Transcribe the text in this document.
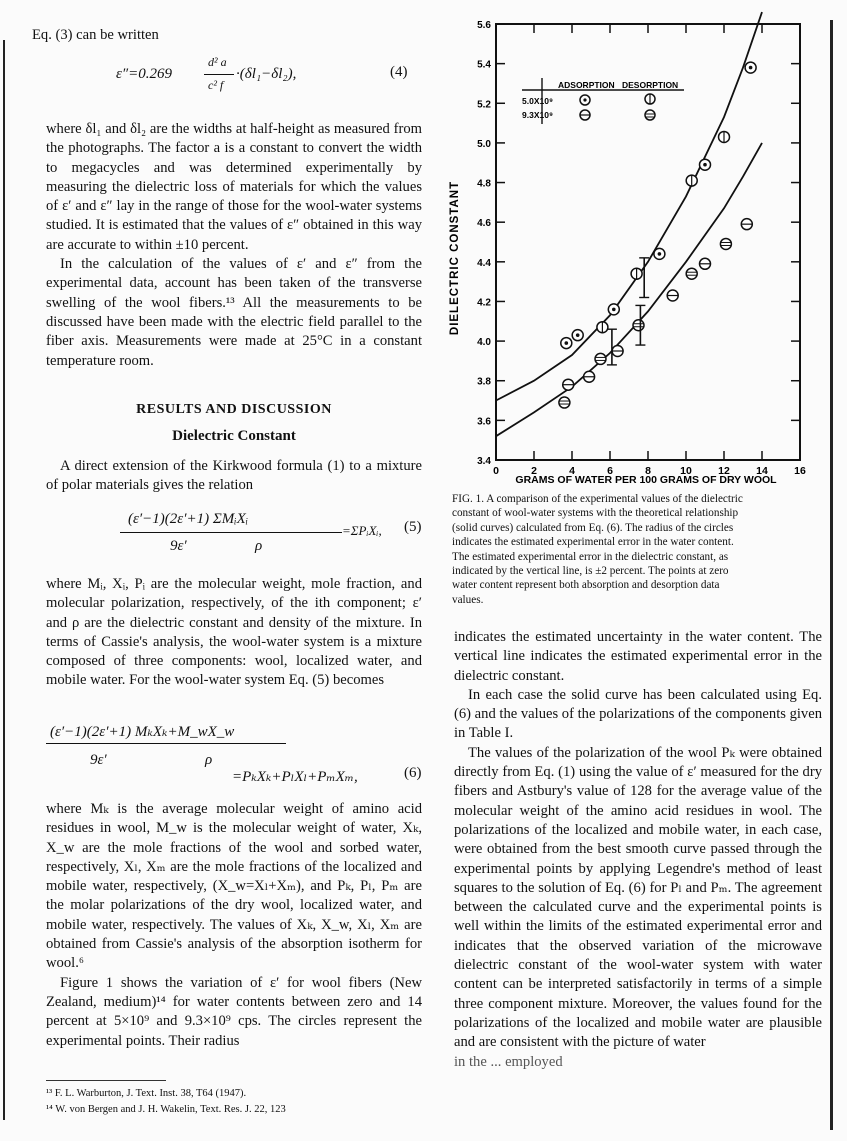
Eq. (3) can be written

ε″=0.269
d² a
c² f
·(δl₁−δl₂),	(4)

where δl₁ and δl₂ are the widths at half-height as measured from the photographs. The factor a is a constant to convert the width to megacycles and was determined experimentally by measuring the dielectric loss of materials for which the values of ε′ and ε″ lay in the range of those for the wool-water systems studied. It is estimated that the values of ε″ obtained in this way are accurate to within ±10 percent.

In the calculation of the values of ε′ and ε″ from the experimental data, account has been taken of the transverse swelling of the wool fibers.¹³ All the measurements to be discussed have been made with the electric field parallel to the fiber axis. Measurements were made at 25°C in a constant temperature room.

RESULTS AND DISCUSSION
Dielectric Constant

A direct extension of the Kirkwood formula (1) to a mixture of polar materials gives the relation

(ε′−1)(2ε′+1) ΣMᵢXᵢ
9ε′	ρ
=ΣPᵢXᵢ, (5)

where Mᵢ, Xᵢ, Pᵢ are the molecular weight, mole fraction, and molecular polarization, respectively, of the ith component; ε′ and ρ are the dielectric constant and density of the mixture. In terms of Cassie's analysis, the wool-water system is a mixture composed of three components: wool, localized water, and mobile water. For the wool-water system Eq. (5) becomes

(ε′−1)(2ε′+1) MₖXₖ+M_wX_w
9ε′	ρ
=PₖXₖ+PₗXₗ+PₘXₘ,	(6)

where Mₖ is the average molecular weight of amino acid residues in wool, M_w is the molecular weight of water, Xₖ, X_w are the mole fractions of the wool and sorbed water, respectively, Xₗ, Xₘ are the mole fractions of the localized and mobile water, respectively, (X_w=Xₗ+Xₘ), and Pₖ, Pₗ, Pₘ are the molar polarizations of the dry wool, localized water, and mobile water, respectively. The values of Xₖ, X_w, Xₗ, Xₘ are obtained from Cassie's analysis of the absorption isotherm for wool.⁶

Figure 1 shows the variation of ε′ for wool fibers (New Zealand, medium)¹⁴ for water contents between zero and 14 percent at 5×10⁹ and 9.3×10⁹ cps. The circles represent the experimental points. Their radius

¹³ F. L. Warburton, J. Text. Inst. 38, T64 (1947).
¹⁴ W. von Bergen and J. H. Wakelin, Text. Res. J. 22, 123
3.4
3.6
3.8
4.0
4.2
4.4
4.6
4.8
5.0
5.2
5.4
5.6
0	2	4	6	8	10	12	14	16
DIELECTRIC CONSTANT
GRAMS OF WATER PER 100 GRAMS OF DRY WOOL
ADSORPTION DESORPTION
5.0X10⁹
9.3X10⁹
FIG. 1. A comparison of the experimental values of the dielectric
constant of wool-water systems with the theoretical relationship
(solid curves) calculated from Eq. (6). The radius of the circles
indicates the estimated experimental error in the water content.
The estimated experimental error in the dielectric constant, as
indicated by the vertical line, is ±2 percent. The points at zero
water content represent both absorption and desorption data
values.

indicates the estimated uncertainty in the water content. The vertical line indicates the estimated experimental error in the dielectric constant.

In each case the solid curve has been calculated using Eq. (6) and the values of the polarizations of the components given in Table I.

The values of the polarization of the wool Pₖ were obtained directly from Eq. (1) using the value of ε′ measured for the dry fibers and Astbury's value of 128 for the average value of the molecular weight of the amino acid residues in wool. The polarizations of the localized and mobile water, in each case, were obtained from the best smooth curve passed through the experimental points by applying Legendre's method of least squares to the solution of Eq. (6) for Pₗ and Pₘ. The agreement between the calculated curve and the experimental points is well within the limits of the estimated experimental error and indicates that the observed variation of the microwave dielectric constant of the wool-water system with water content can be interpreted satisfactorily in terms of a simple three component mixture. Moreover, the values found for the polarizations of the localized and mobile water are plausible and are consistent with the picture of water

in the ... employed
